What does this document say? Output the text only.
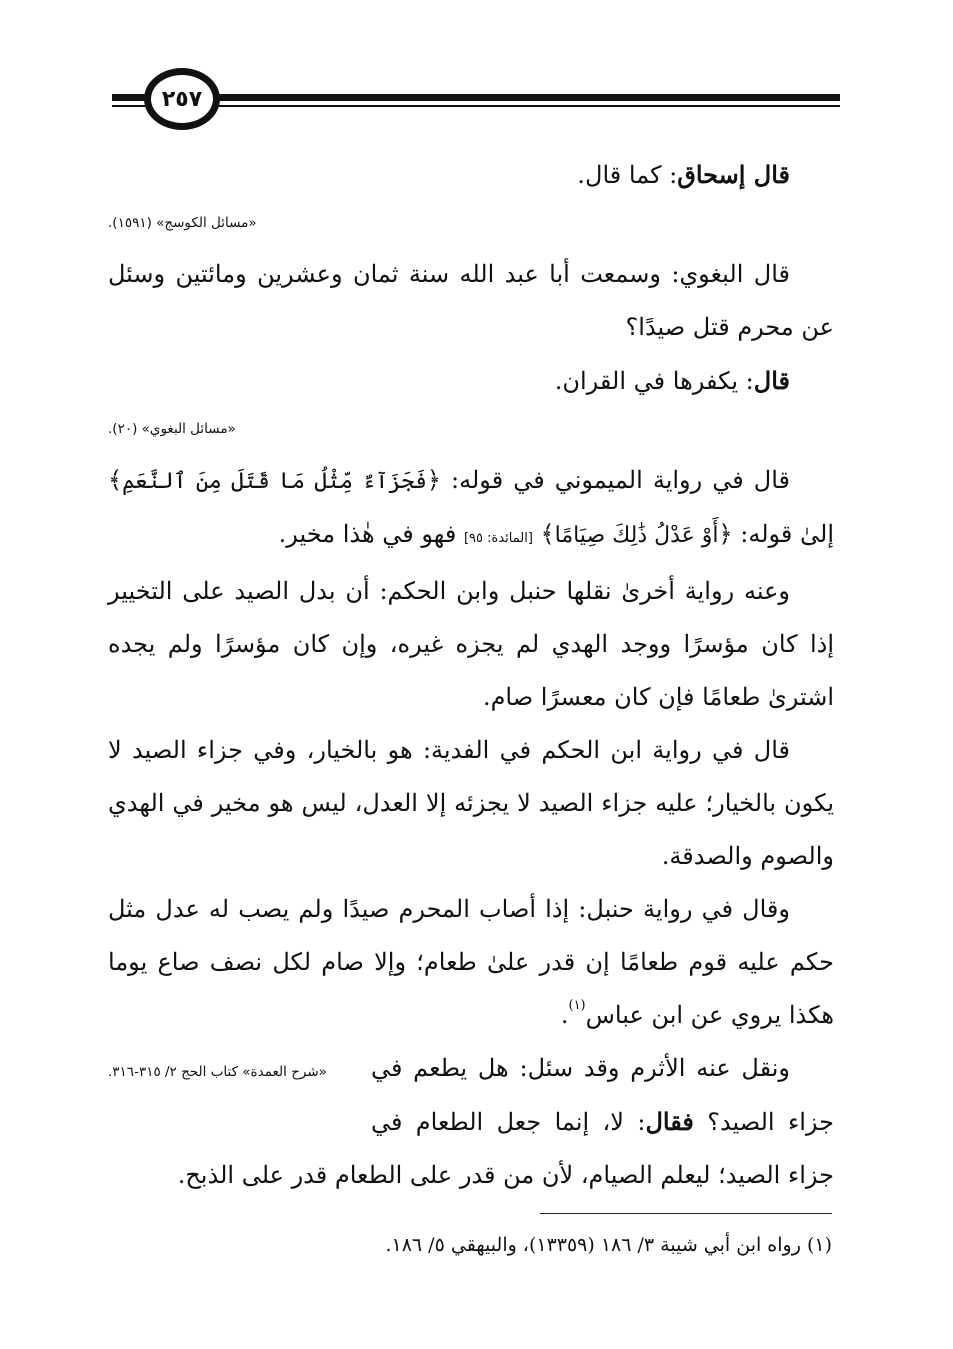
٢٥٧

قال إسحاق: كما قال.

«مسائل الكوسج» (١٥٩١).

قال البغوي: وسمعت أبا عبد الله سنة ثمان وعشرين ومائتين وسئل عن محرم قتل صيدًا؟

قال: يكفرها في القران.

«مسائل البغوي» (٢٠).

قال في رواية الميموني في قوله: ﴿فَجَزَآءٌ مِّثْلُ مَا قَتَلَ مِنَ ٱلنَّعَمِ﴾ إلىٰ قوله: ﴿أَوْ عَدْلُ ذَٰلِكَ صِيَامًا﴾ [المائدة: ٩٥] فهو في هٰذا مخير.

وعنه رواية أخرىٰ نقلها حنبل وابن الحكم: أن بدل الصيد على التخيير إذا كان مؤسرًا ووجد الهدي لم يجزه غيره، وإن كان مؤسرًا ولم يجده اشترىٰ طعامًا فإن كان معسرًا صام.

قال في رواية ابن الحكم في الفدية: هو بالخيار، وفي جزاء الصيد لا يكون بالخيار؛ عليه جزاء الصيد لا يجزئه إلا العدل، ليس هو مخير في الهدي والصوم والصدقة.

وقال في رواية حنبل: إذا أصاب المحرم صيدًا ولم يصب له عدل مثل حكم عليه قوم طعامًا إن قدر علىٰ طعام؛ وإلا صام لكل نصف صاع يوما هكذا يروي عن ابن عباس$^{(١)}$.

«شرح العمدة» كتاب الحج ٢/ ٣١٥-٣١٦.	ونقل عنه الأثرم وقد سئل: هل يطعم في جزاء الصيد؟ فقال: لا، إنما جعل الطعام في جزاء الصيد؛ ليعلم الصيام، لأن من قدر على الطعام قدر على الذبح.

(١) رواه ابن أبي شيبة ٣/ ١٨٦ (١٣٣٥٩)، والبيهقي ٥/ ١٨٦.
